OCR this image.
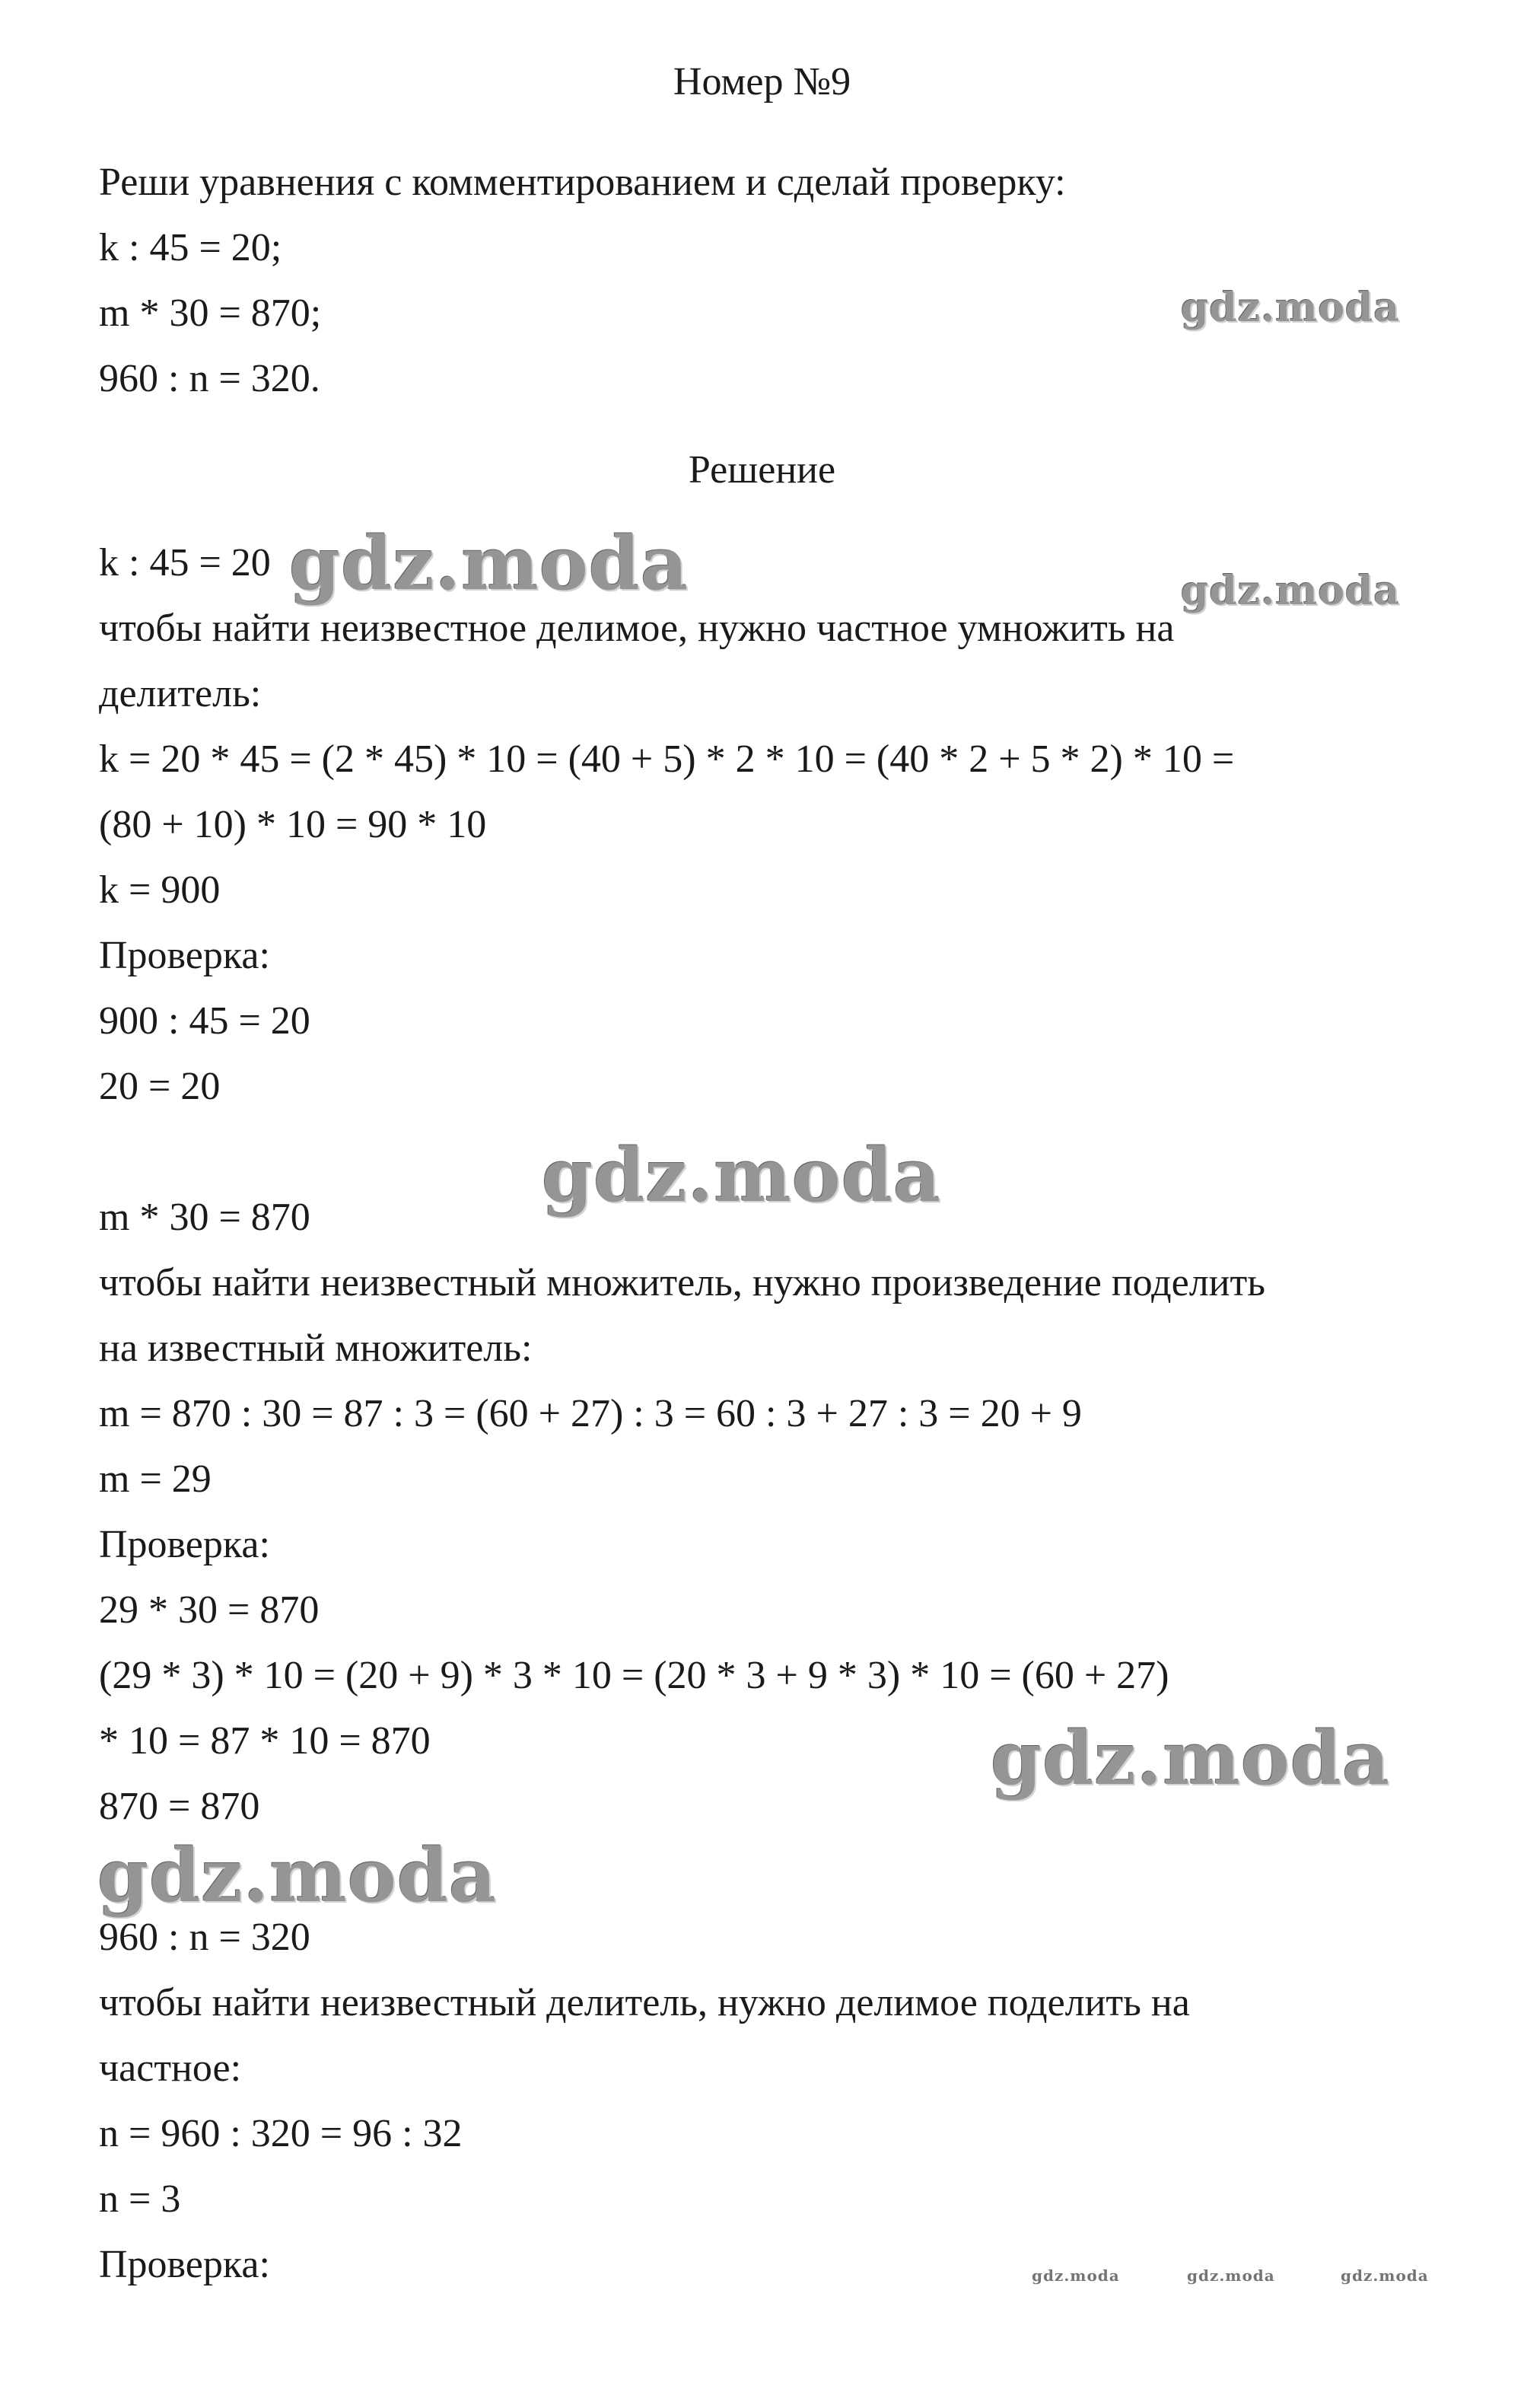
Номер №9
Реши уравнения с комментированием и сделай проверку:
k : 45 = 20;
m * 30 = 870;
960 : n = 320.
Решение
k : 45 = 20
чтобы найти неизвестное делимое, нужно частное умножить на
делитель:
k = 20 * 45 = (2 * 45) * 10 = (40 + 5) * 2 * 10 = (40 * 2 + 5 * 2) * 10 =
(80 + 10) * 10 = 90 * 10
k = 900
Проверка:
900 : 45 = 20
20 = 20
m * 30 = 870
чтобы найти неизвестный множитель, нужно произведение поделить
на известный множитель:
m = 870 : 30 = 87 : 3 = (60 + 27) : 3 = 60 : 3 + 27 : 3 = 20 + 9
m = 29
Проверка:
29 * 30 = 870
(29 * 3) * 10 = (20 + 9) * 3 * 10 = (20 * 3 + 9 * 3) * 10 = (60 + 27)
* 10 = 87 * 10 = 870
870 = 870
960 : n = 320
чтобы найти неизвестный делитель, нужно делимое поделить на
частное:
n = 960 : 320 = 96 : 32
n = 3
Проверка:
gdz.moda
gdz.moda	gdz.moda
gdz.moda
gdz.moda
gdz.moda
gdz.moda	gdz.moda	gdz.moda
